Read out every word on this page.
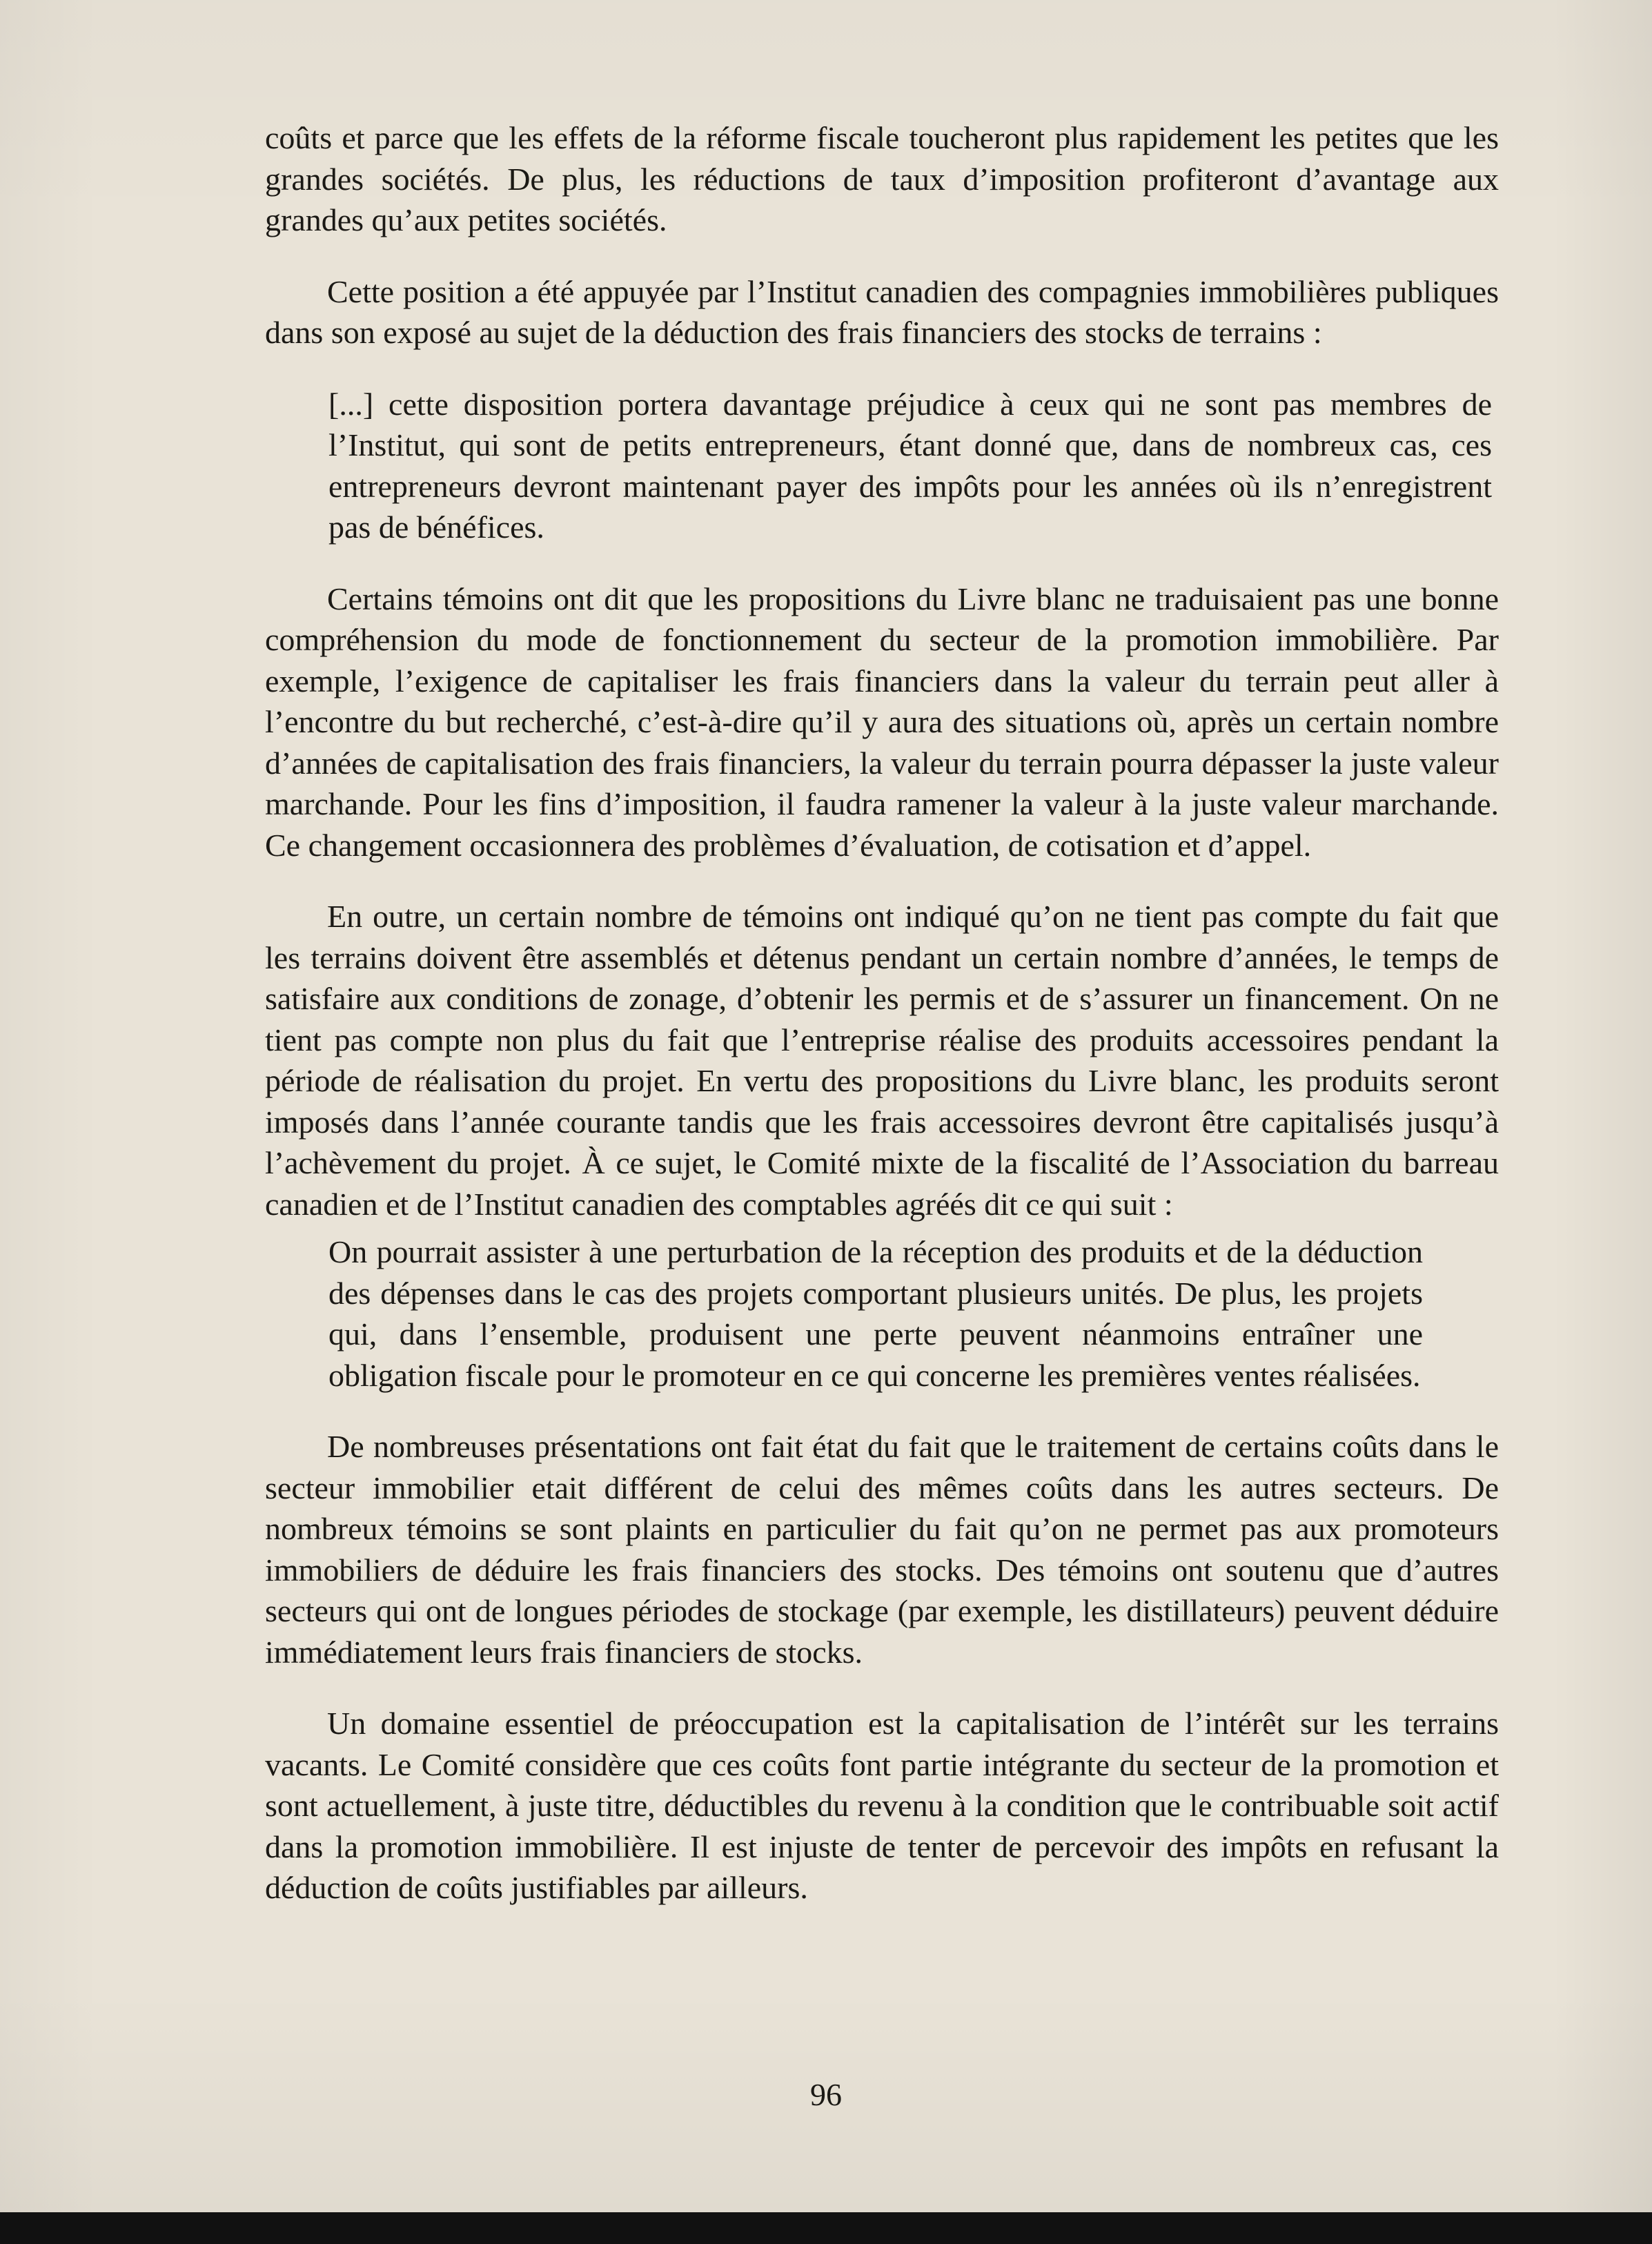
coûts et parce que les effets de la réforme fiscale toucheront plus rapidement les petites que les grandes sociétés. De plus, les réductions de taux d’imposition profiteront d’avantage aux grandes qu’aux petites sociétés.

Cette position a été appuyée par l’Institut canadien des compagnies immobilières publiques dans son exposé au sujet de la déduction des frais financiers des stocks de terrains :

[...] cette disposition portera davantage préjudice à ceux qui ne sont pas membres de l’Institut, qui sont de petits entrepreneurs, étant donné que, dans de nombreux cas, ces entrepreneurs devront maintenant payer des impôts pour les années où ils n’enregistrent pas de bénéfices.

Certains témoins ont dit que les propositions du Livre blanc ne traduisaient pas une bonne compréhension du mode de fonctionnement du secteur de la promotion immobilière. Par exemple, l’exigence de capitaliser les frais financiers dans la valeur du terrain peut aller à l’encontre du but recherché, c’est-à-dire qu’il y aura des situations où, après un certain nombre d’années de capitalisation des frais financiers, la valeur du terrain pourra dépasser la juste valeur marchande. Pour les fins d’imposition, il faudra ramener la valeur à la juste valeur marchande. Ce changement occasionnera des problèmes d’évaluation, de cotisation et d’appel.

En outre, un certain nombre de témoins ont indiqué qu’on ne tient pas compte du fait que les terrains doivent être assemblés et détenus pendant un certain nombre d’années, le temps de satisfaire aux conditions de zonage, d’obtenir les permis et de s’assurer un financement. On ne tient pas compte non plus du fait que l’entreprise réalise des produits accessoires pendant la période de réalisation du projet. En vertu des propositions du Livre blanc, les produits seront imposés dans l’année courante tandis que les frais accessoires devront être capitalisés jusqu’à l’achèvement du projet. À ce sujet, le Comité mixte de la fiscalité de l’Association du barreau canadien et de l’Institut canadien des comptables agréés dit ce qui suit :

On pourrait assister à une perturbation de la réception des produits et de la déduction des dépenses dans le cas des projets comportant plusieurs unités. De plus, les projets qui, dans l’ensemble, produisent une perte peuvent néanmoins entraîner une obligation fiscale pour le promoteur en ce qui concerne les premières ventes réalisées.

De nombreuses présentations ont fait état du fait que le traitement de certains coûts dans le secteur immobilier etait différent de celui des mêmes coûts dans les autres secteurs. De nombreux témoins se sont plaints en particulier du fait qu’on ne permet pas aux promoteurs immobiliers de déduire les frais financiers des stocks. Des témoins ont soutenu que d’autres secteurs qui ont de longues périodes de stockage (par exemple, les distillateurs) peuvent déduire immédiatement leurs frais financiers de stocks.

Un domaine essentiel de préoccupation est la capitalisation de l’intérêt sur les terrains vacants. Le Comité considère que ces coûts font partie intégrante du secteur de la promotion et sont actuellement, à juste titre, déductibles du revenu à la condition que le contribuable soit actif dans la promotion immobilière. Il est injuste de tenter de percevoir des impôts en refusant la déduction de coûts justifiables par ailleurs.

96
